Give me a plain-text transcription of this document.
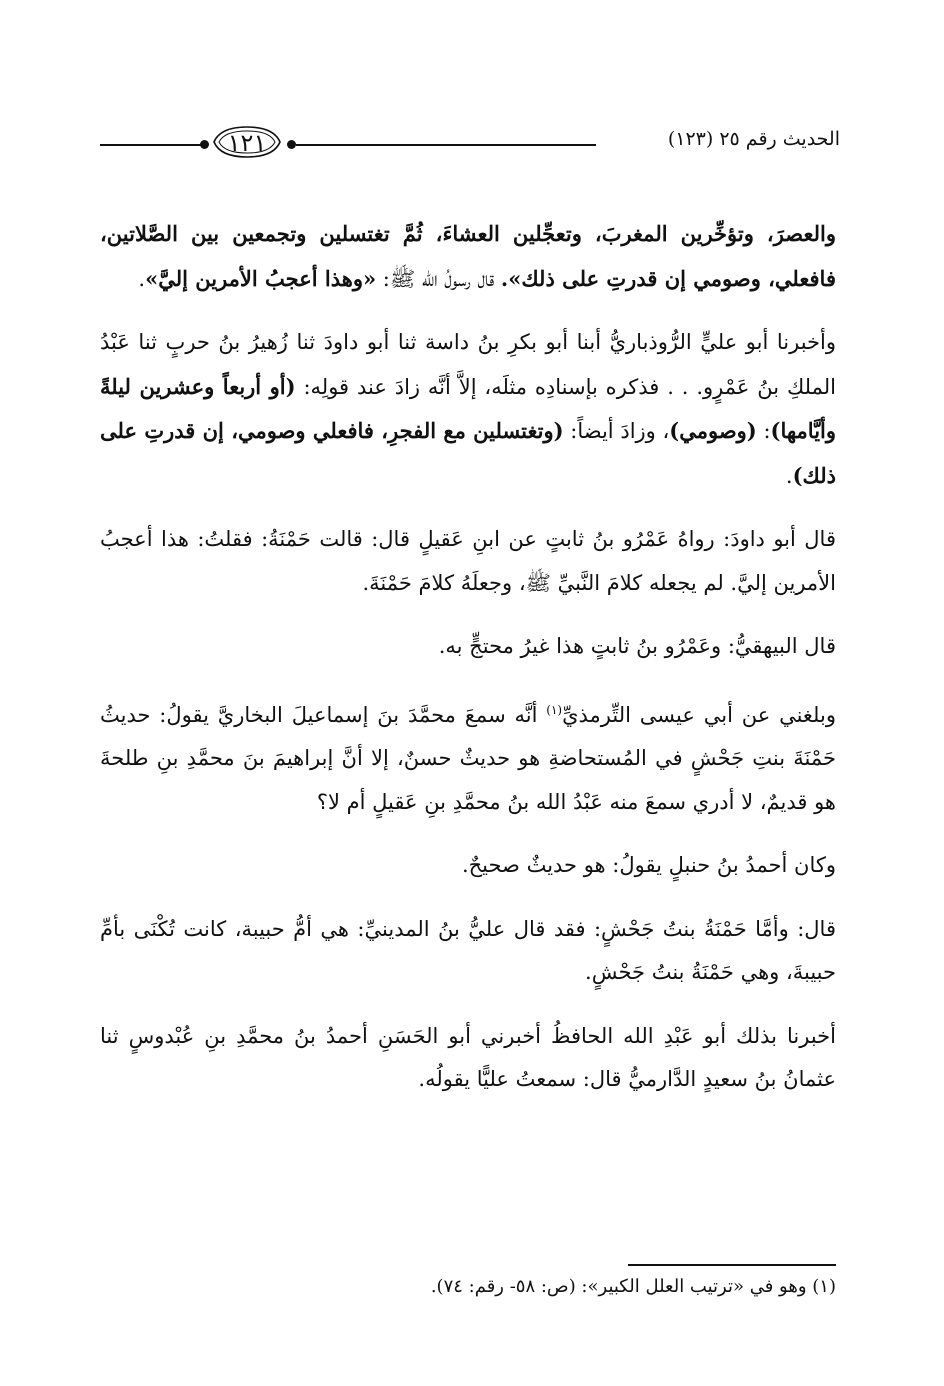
١٢١	الحديث رقم ٢٥ (١٢٣)

والعصرَ، وتؤخِّرين المغربَ، وتعجِّلين العشاءَ، ثُمَّ تغتسلين وتجمعين بين الصَّلاتين، فافعلي، وصومي إن قدرتِ على ذلك». قال رسولُ الله ﷺ: «وهذا أعجبُ الأمرين إليَّ».

وأخبرنا أبو عليٍّ الرُّوذباريُّ أبنا أبو بكرِ بنُ داسة ثنا أبو داودَ ثنا زُهيرُ بنُ حربٍ ثنا عَبْدُ الملكِ بنُ عَمْرٍو. . . فذكره بإسنادِه مثلَه، إلاَّ أنَّه زادَ عند قولِه: (أو أربعاً وعشرين ليلةً وأيَّامها): (وصومي)، وزادَ أيضاً: (وتغتسلين مع الفجرِ، فافعلي وصومي، إن قدرتِ على ذلك).

قال أبو داودَ: رواهُ عَمْرُو بنُ ثابتٍ عن ابنِ عَقيلٍ قال: قالت حَمْنَةُ: فقلتُ: هذا أعجبُ الأمرين إليَّ. لم يجعله كلامَ النَّبيِّ ﷺ، وجعلَهُ كلامَ حَمْنَةَ.

قال البيهقيُّ: وعَمْرُو بنُ ثابتٍ هذا غيرُ محتجٍّ به.

وبلغني عن أبي عيسى التِّرمذيِّ$^{(١)}$ أنَّه سمعَ محمَّدَ بنَ إسماعيلَ البخاريَّ يقولُ: حديثُ حَمْنَةَ بنتِ جَحْشٍ في المُستحاضةِ هو حديثٌ حسنٌ، إلا أنَّ إبراهيمَ بنَ محمَّدِ بنِ طلحةَ هو قديمٌ، لا أدري سمعَ منه عَبْدُ الله بنُ محمَّدِ بنِ عَقيلٍ أم لا؟

وكان أحمدُ بنُ حنبلٍ يقولُ: هو حديثٌ صحيحٌ.

قال: وأمَّا حَمْنَةُ بنتُ جَحْشٍ: فقد قال عليُّ بنُ المدينيِّ: هي أمُّ حبيبة، كانت تُكْنَى بأمِّ حبيبةَ، وهي حَمْنَةُ بنتُ جَحْشٍ.

أخبرنا بذلك أبو عَبْدِ الله الحافظُ أخبرني أبو الحَسَنِ أحمدُ بنُ محمَّدِ بنِ عُبْدوسٍ ثنا عثمانُ بنُ سعيدٍ الدَّارميُّ قال: سمعتُ عليًّا يقولُه.

(١) وهو في «ترتيب العلل الكبير»: (ص: ٥٨- رقم: ٧٤).
